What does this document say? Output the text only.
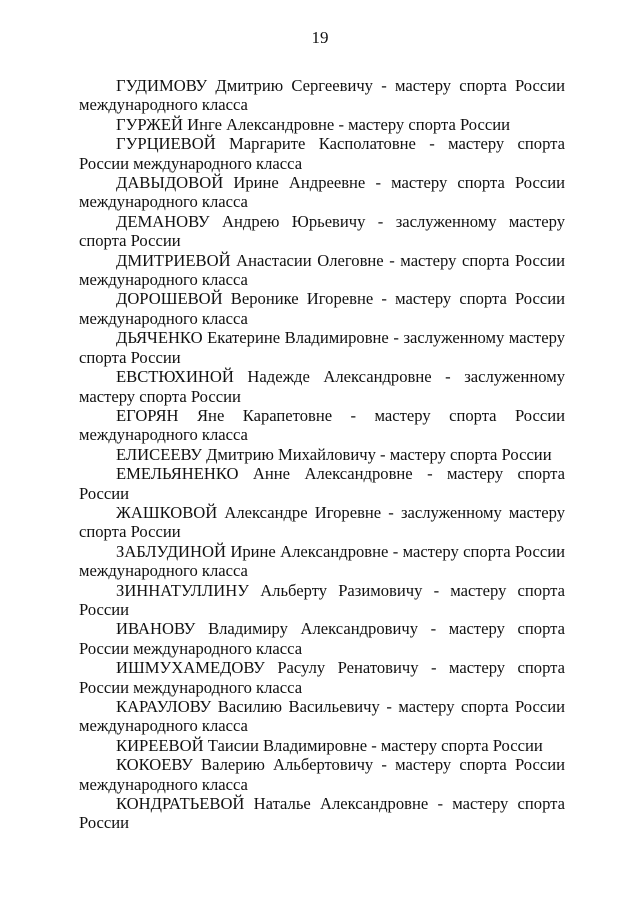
19

ГУДИМОВУ Дмитрию Сергеевичу - мастеру спорта России международного класса

ГУРЖЕЙ Инге Александровне - мастеру спорта России

ГУРЦИЕВОЙ Маргарите Касполатовне - мастеру спорта России международного класса

ДАВЫДОВОЙ Ирине Андреевне - мастеру спорта России международного класса

ДЕМАНОВУ Андрею Юрьевичу - заслуженному мастеру спорта России

ДМИТРИЕВОЙ Анастасии Олеговне - мастеру спорта России международного класса

ДОРОШЕВОЙ Веронике Игоревне - мастеру спорта России международного класса

ДЬЯЧЕНКО Екатерине Владимировне - заслуженному мастеру спорта России

ЕВСТЮХИНОЙ Надежде Александровне - заслуженному мастеру спорта России

ЕГОРЯН Яне Карапетовне - мастеру спорта России международного класса

ЕЛИСЕЕВУ Дмитрию Михайловичу - мастеру спорта России

ЕМЕЛЬЯНЕНКО Анне Александровне - мастеру спорта России

ЖАШКОВОЙ Александре Игоревне - заслуженному мастеру спорта России

ЗАБЛУДИНОЙ Ирине Александровне - мастеру спорта России международного класса

ЗИННАТУЛЛИНУ Альберту Разимовичу - мастеру спорта России

ИВАНОВУ Владимиру Александровичу - мастеру спорта России международного класса

ИШМУХАМЕДОВУ Расулу Ренатовичу - мастеру спорта России международного класса

КАРАУЛОВУ Василию Васильевичу - мастеру спорта России международного класса

КИРЕЕВОЙ Таисии Владимировне - мастеру спорта России

КОКОЕВУ Валерию Альбертовичу - мастеру спорта России международного класса

КОНДРАТЬЕВОЙ Наталье Александровне - мастеру спорта России
